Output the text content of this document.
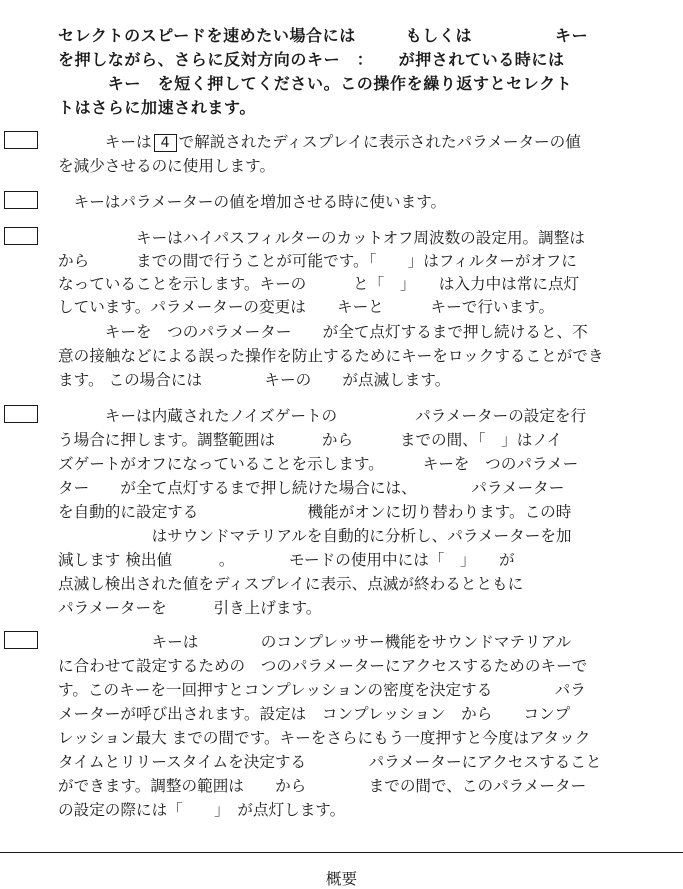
セレクトのスピードを速めたい場合には　　　もしくは　　　　　キー
を押しながら、さらに反対方向のキー　：　　が押されている時には
　　　キー　を短く押してください。この操作を繰り返すとセレクト
トはさらに加速されます。
　　　キーは 4 で解説されたディスプレイに表示されたパラメーターの値
を減少させるのに使用します。
　キーはパラメーターの値を増加させる時に使います。
　　　　　キーはハイパスフィルターのカットオフ周波数の設定用。調整は
から　　　までの間で行うことが可能です。「　　」はフィルターがオフに
なっていることを示します。キーの　　　と「　」　　は入力中は常に点灯
しています。パラメーターの変更は　　キーと　　　キーで行います。
　　　キーを　つのパラメーター　　が全て点灯するまで押し続けると、不
意の接触などによる誤った操作を防止するためにキーをロックすることができ
ます。 この場合には　　　　キーの　　が点滅します。
　　　キーは内蔵されたノイズゲートの　　　　　パラメーターの設定を行
う場合に押します。調整範囲は　　　から　　　までの間、「　」はノイ
ズゲートがオフになっていることを示します。　　　キーを　つのパラメー
ター　　が全て点灯するまで押し続けた場合には、　　　　パラメーター
を自動的に設定する　　　　　　　機能がオンに切り替わります。この時
　　　　　　はサウンドマテリアルを自動的に分析し、パラメーターを加
減します 検出値　　　。　　　　モードの使用中には「　」　　が
点滅し検出された値をディスプレイに表示、点滅が終わるとともに
パラメーターを　　　引き上げます。
　　　　　　キーは　　　　のコンプレッサー機能をサウンドマテリアル
に合わせて設定するための　つのパラメーターにアクセスするためのキーで
す。このキーを一回押すとコンプレッションの密度を決定する　　　　パラ
メーターが呼び出されます。設定は　コンプレッション　から　　コンプ
レッション最大 までの間です。キーをさらにもう一度押すと今度はアタック
タイムとリリースタイムを決定する　　　　パラメーターにアクセスすること
ができます。調整の範囲は　　から　　　　までの間で、このパラメーター
の設定の際には「　　」　が点灯します。
概要
